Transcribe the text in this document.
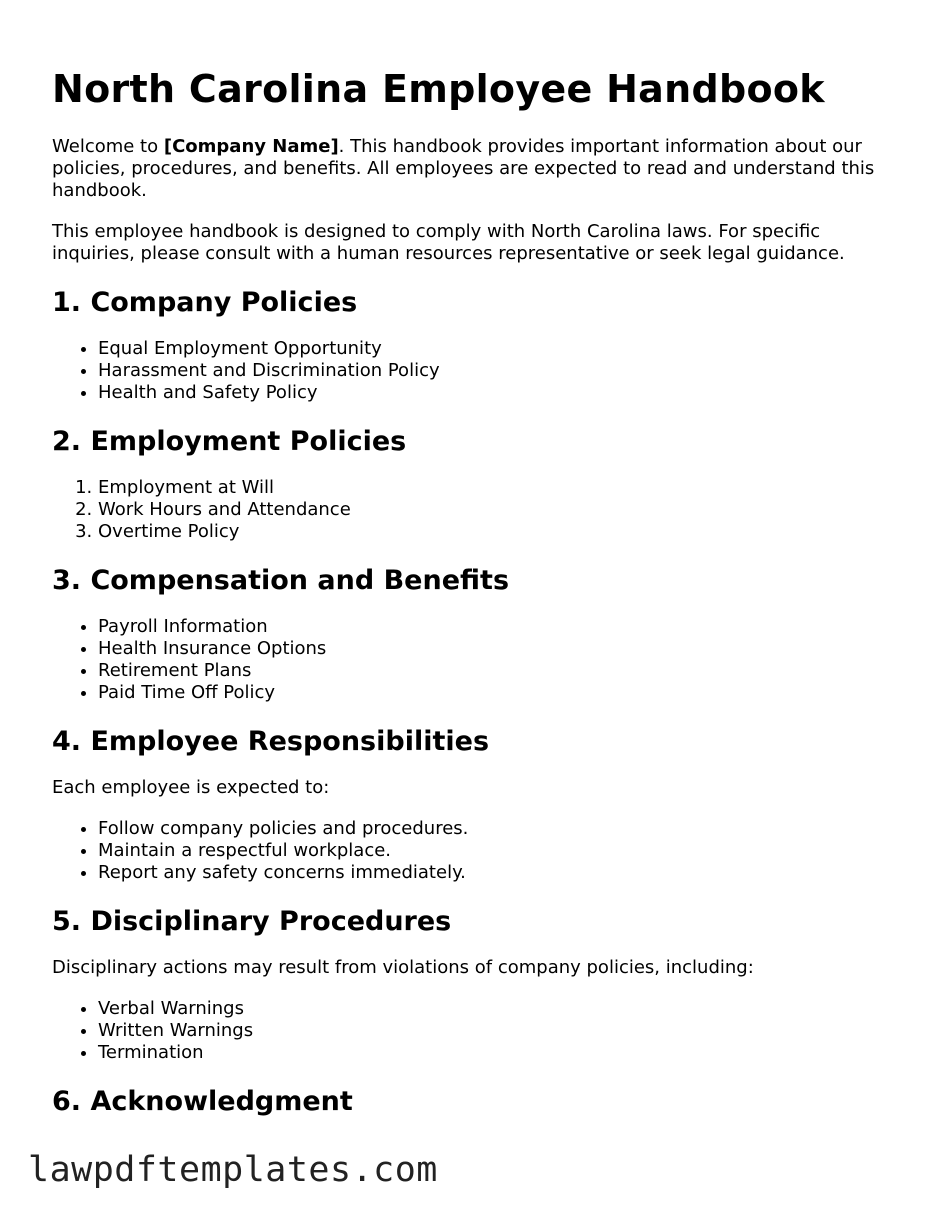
North Carolina Employee Handbook

Welcome to [Company Name]. This handbook provides important information about our policies, procedures, and benefits. All employees are expected to read and understand this handbook.

This employee handbook is designed to comply with North Carolina laws. For specific inquiries, please consult with a human resources representative or seek legal guidance.

1. Company Policies
• Equal Employment Opportunity
• Harassment and Discrimination Policy
• Health and Safety Policy
2. Employment Policies
1. Employment at Will
2. Work Hours and Attendance
3. Overtime Policy
3. Compensation and Benefits
• Payroll Information
• Health Insurance Options
• Retirement Plans
• Paid Time Off Policy
4. Employee Responsibilities

Each employee is expected to:

• Follow company policies and procedures.
• Maintain a respectful workplace.
• Report any safety concerns immediately.
5. Disciplinary Procedures

Disciplinary actions may result from violations of company policies, including:

• Verbal Warnings
• Written Warnings
• Termination
6. Acknowledgment
lawpdftemplates.com
